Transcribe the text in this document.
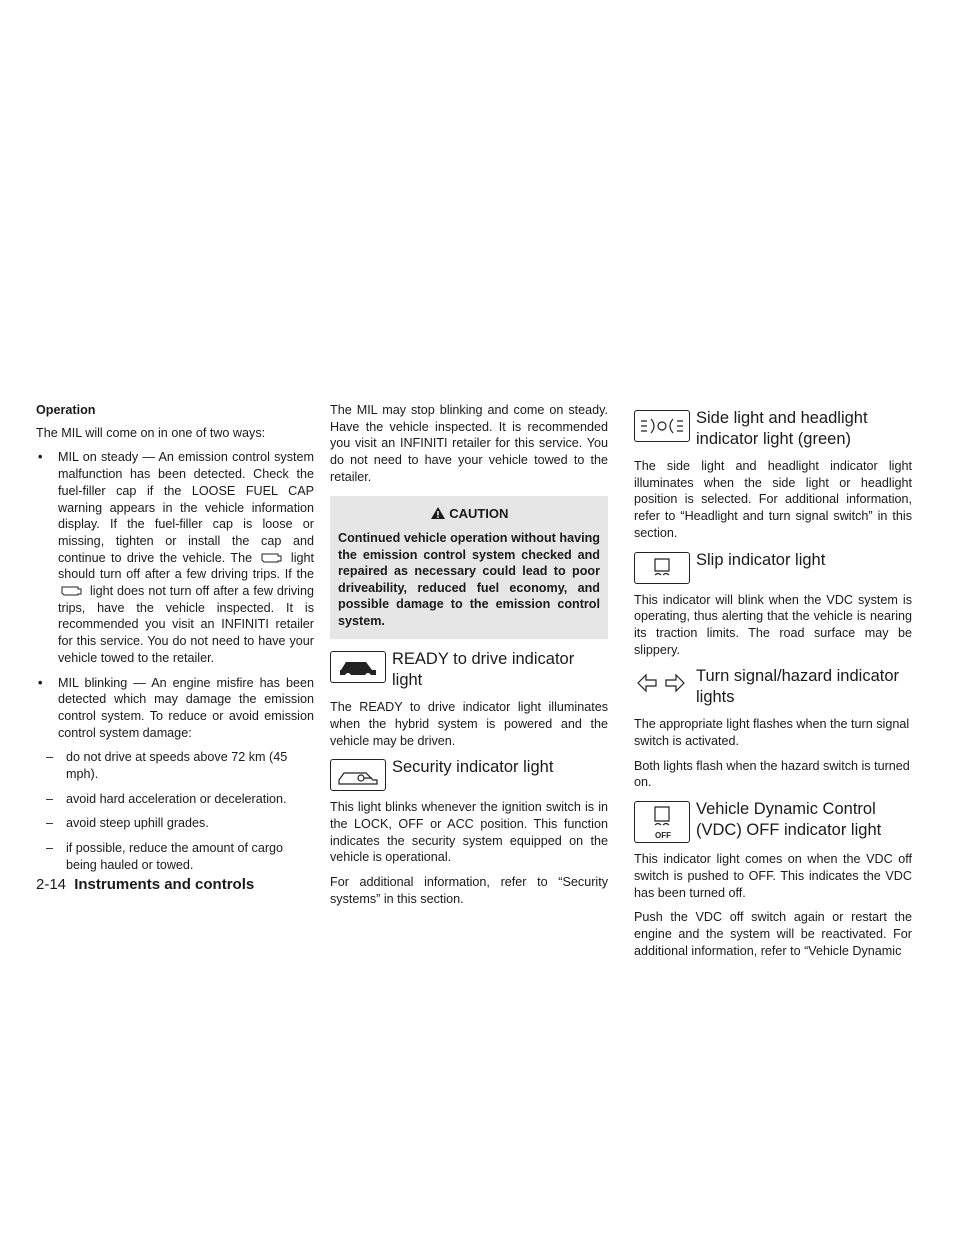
Operation

The MIL will come on in one of two ways:

• MIL on steady — An emission control system malfunction has been detected. Check the fuel-filler cap if the LOOSE FUEL CAP warning appears in the vehicle information display. If the fuel-filler cap is loose or missing, tighten or install the cap and continue to drive the vehicle. The	light should turn off after a few driving trips. If the  light does not turn off after a few driving trips, have the vehicle inspected. It is recommended you visit an INFINITI retailer for this service. You do not need to have your vehicle towed to the retailer.
• MIL blinking — An engine misfire has been detected which may damage the emission control system. To reduce or avoid emission control system damage:
– do not drive at speeds above 72 km (45 mph).
– avoid hard acceleration or deceleration.
– avoid steep uphill grades.
– if possible, reduce the amount of cargo being hauled or towed.

The MIL may stop blinking and come on steady. Have the vehicle inspected. It is recommended you visit an INFINITI retailer for this service. You do not need to have your vehicle towed to the retailer.

CAUTION
Continued vehicle operation without having the emission control system checked and repaired as necessary could lead to poor driveability, reduced fuel economy, and possible damage to the emission control system.
READY to drive indicator light

The READY to drive indicator light illuminates when the hybrid system is powered and the vehicle may be driven.

Security indicator light

This light blinks whenever the ignition switch is in the LOCK, OFF or ACC position. This function indicates the security system equipped on the vehicle is operational.

For additional information, refer to “Security systems” in this section.

Side light and headlight indicator light (green)

The side light and headlight indicator light illuminates when the side light or headlight position is selected. For additional information, refer to “Headlight and turn signal switch” in this section.

Slip indicator light

This indicator will blink when the VDC system is operating, thus alerting that the vehicle is nearing its traction limits. The road surface may be slippery.

Turn signal/hazard indicator lights

The appropriate light flashes when the turn signal switch is activated.

Both lights flash when the hazard switch is turned on.

OFF
Vehicle Dynamic Control (VDC) OFF indicator light

This indicator light comes on when the VDC off switch is pushed to OFF. This indicates the VDC has been turned off.

Push the VDC off switch again or restart the engine and the system will be reactivated. For additional information, refer to “Vehicle Dynamic

2-14 Instruments and controls
